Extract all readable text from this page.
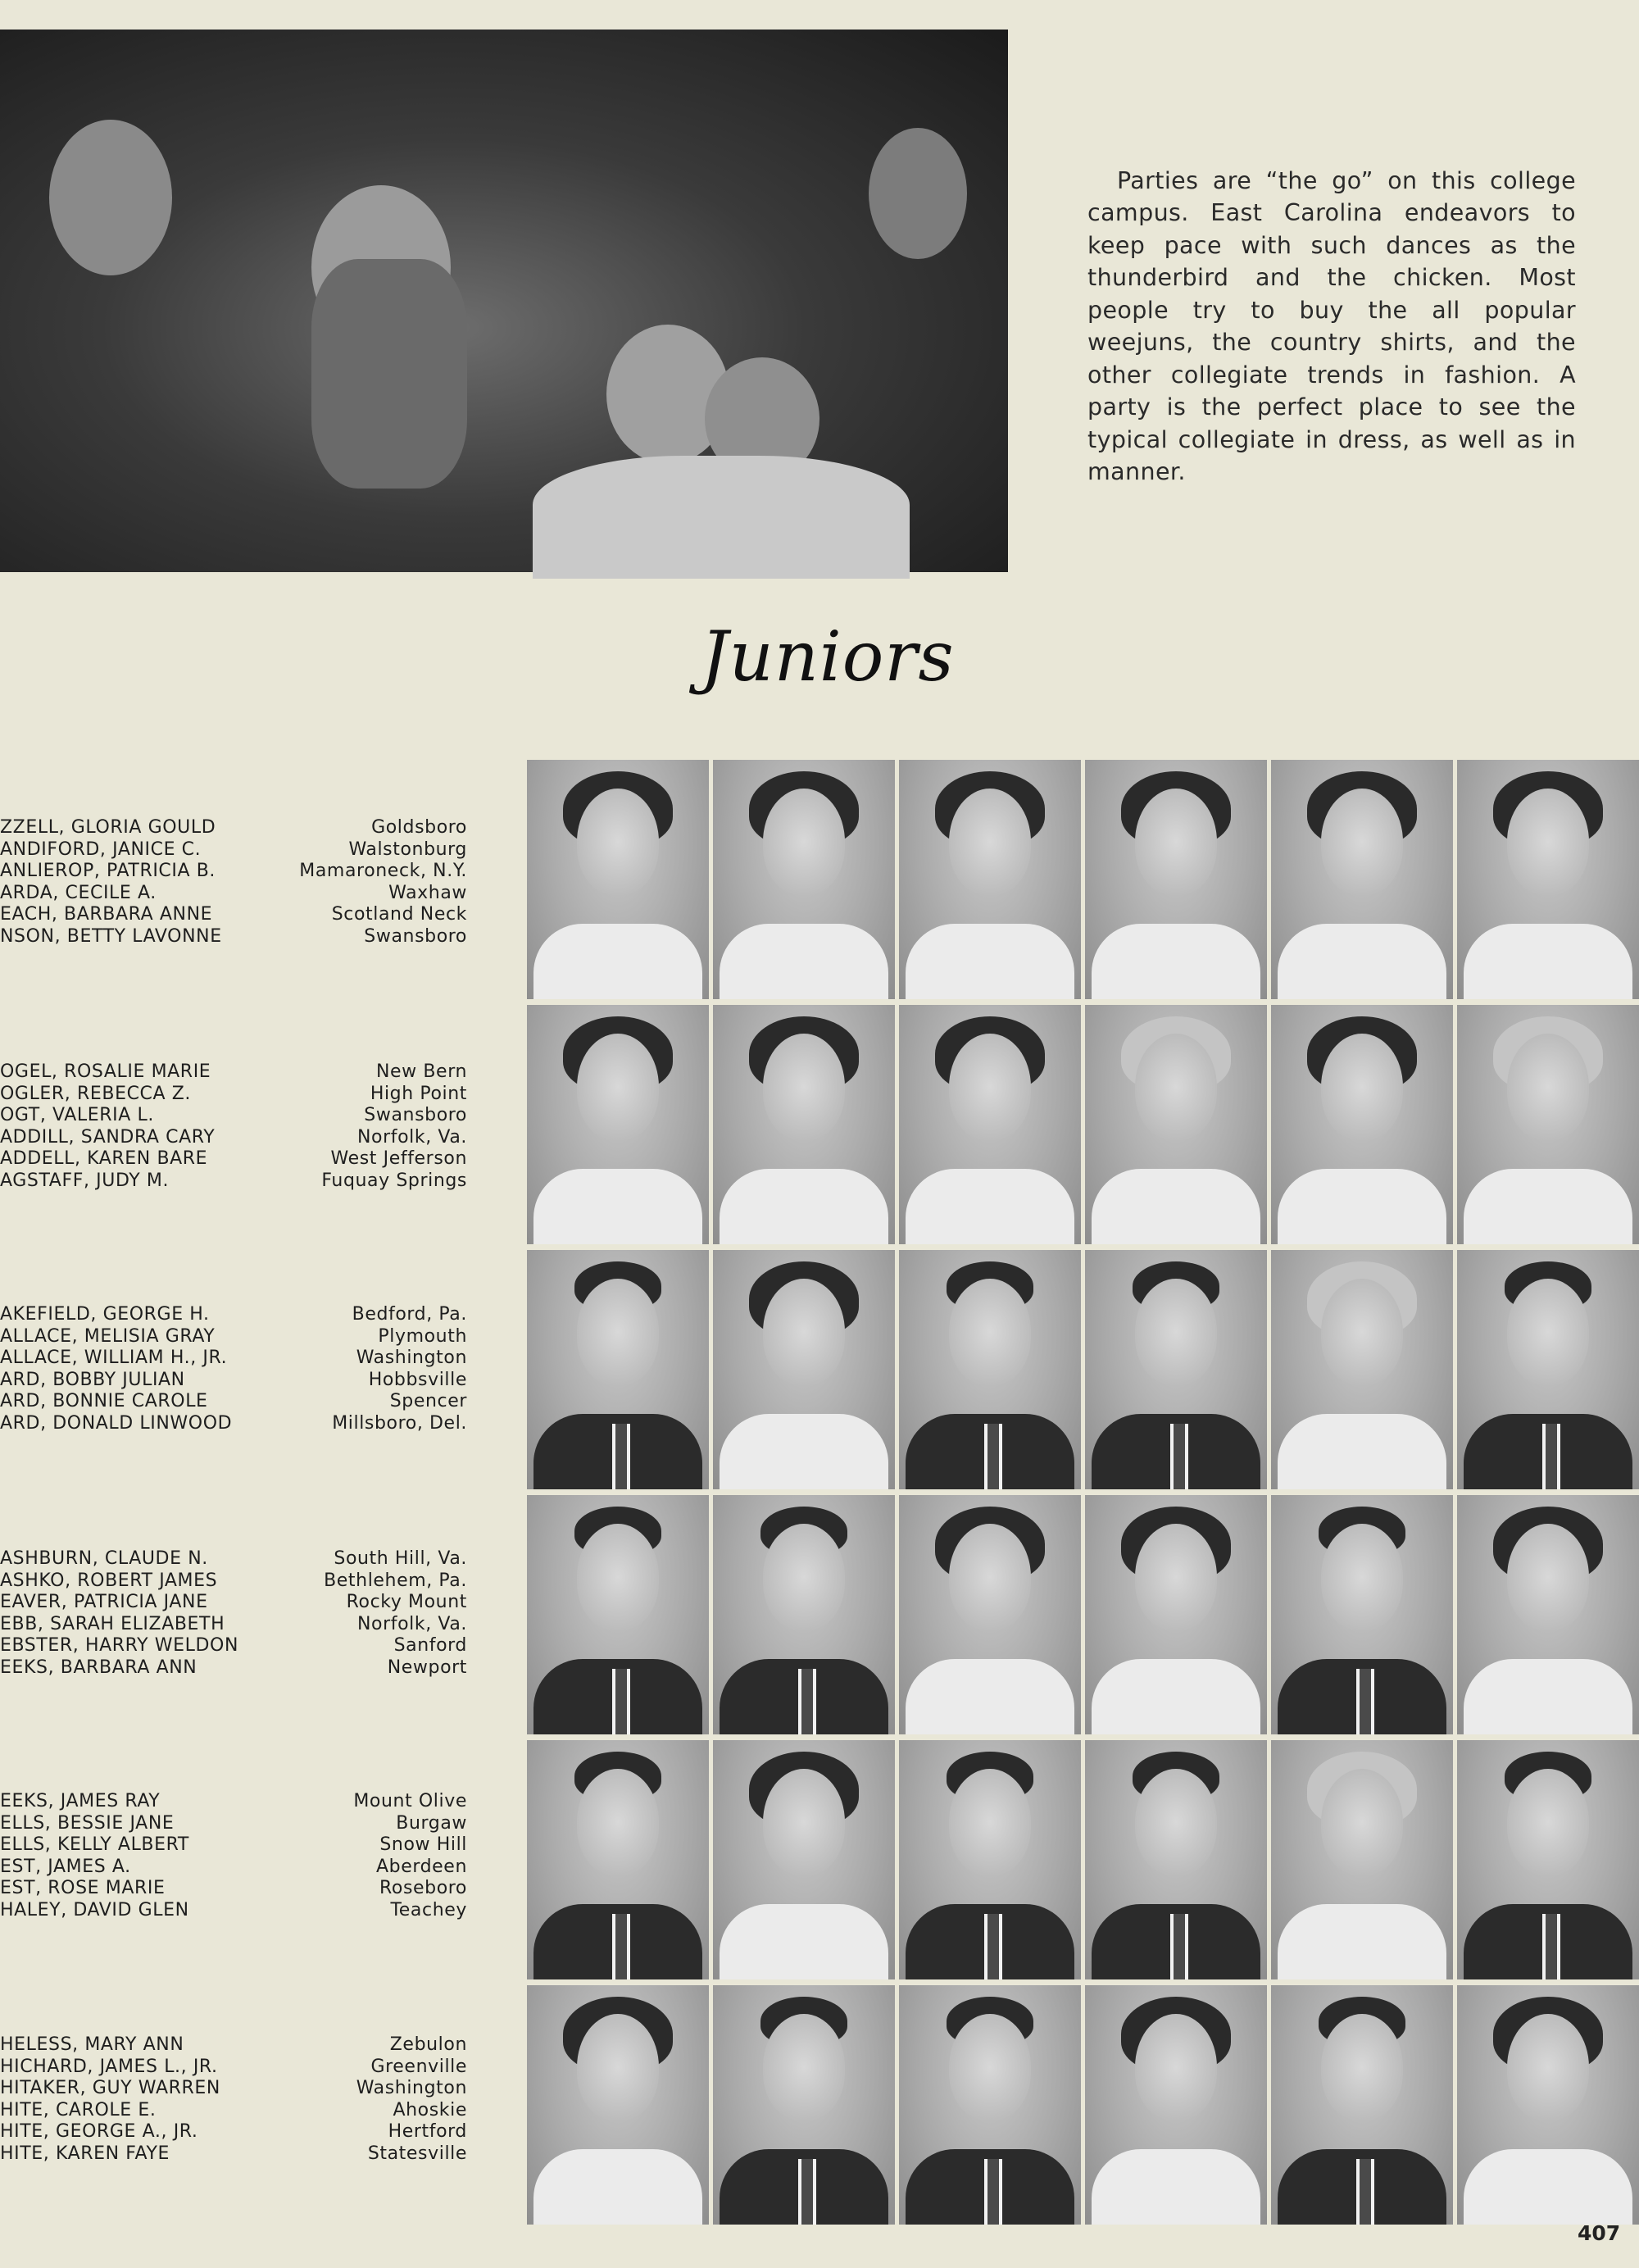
Parties are “the go” on this college campus. East Carolina endeavors to keep pace with such dances as the thunderbird and the chicken. Most people try to buy the all popular weejuns, the country shirts, and the other collegiate trends in fashion. A party is the perfect place to see the typical collegiate in dress, as well as in manner.

Juniors
ZZELL, GLORIA GOULD	Goldsboro
ANDIFORD, JANICE C.	Walstonburg
ANLIEROP, PATRICIA B.	Mamaroneck, N.Y.
ARDA, CECILE A.	Waxhaw
EACH, BARBARA ANNE	Scotland Neck
NSON, BETTY LAVONNE	Swansboro
OGEL, ROSALIE MARIE	New Bern
OGLER, REBECCA Z.	High Point
OGT, VALERIA L.	Swansboro
ADDILL, SANDRA CARY	Norfolk, Va.
ADDELL, KAREN BARE	West Jefferson
AGSTAFF, JUDY M.	Fuquay Springs
AKEFIELD, GEORGE H.	Bedford, Pa.
ALLACE, MELISIA GRAY	Plymouth
ALLACE, WILLIAM H., JR.	Washington
ARD, BOBBY JULIAN	Hobbsville
ARD, BONNIE CAROLE	Spencer
ARD, DONALD LINWOOD	Millsboro, Del.
ASHBURN, CLAUDE N.	South Hill, Va.
ASHKO, ROBERT JAMES	Bethlehem, Pa.
EAVER, PATRICIA JANE	Rocky Mount
EBB, SARAH ELIZABETH	Norfolk, Va.
EBSTER, HARRY WELDON	Sanford
EEKS, BARBARA ANN	Newport
EEKS, JAMES RAY	Mount Olive
ELLS, BESSIE JANE	Burgaw
ELLS, KELLY ALBERT	Snow Hill
EST, JAMES A.	Aberdeen
EST, ROSE MARIE	Roseboro
HALEY, DAVID GLEN	Teachey
HELESS, MARY ANN	Zebulon
HICHARD, JAMES L., JR.	Greenville
HITAKER, GUY WARREN	Washington
HITE, CAROLE E.	Ahoskie
HITE, GEORGE A., JR.	Hertford
HITE, KAREN FAYE	Statesville
407
